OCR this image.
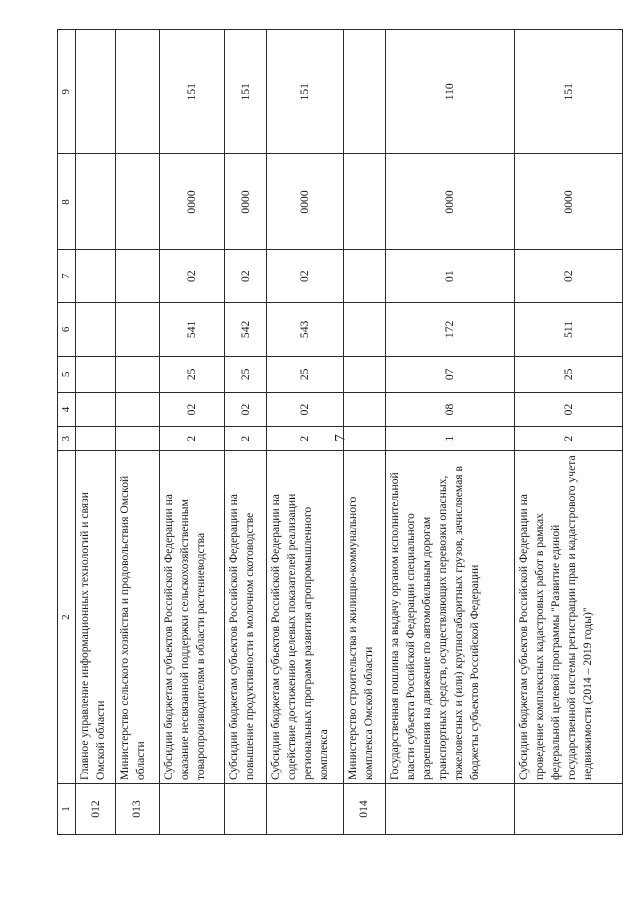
7
1	2	3	4	5	6	7	8	9
012	Главное управление информационных технологий и связи Омской области							
013	Министерство сельского хозяйства и продовольствия Омской области							
	Субсидии бюджетам субъектов Российской Федерации на оказание несвязанной поддержки сельскохозяйственным товаропроизводителям в области растениеводства	2	02	25	541	02	0000	151
	Субсидии бюджетам субъектов Российской Федерации на повышение продуктивности в молочном скотоводстве	2	02	25	542	02	0000	151
	Субсидии бюджетам субъектов Российской Федерации на содействие достижению целевых показателей реализации региональных программ развития агропромышленного комплекса	2	02	25	543	02	0000	151
014	Министерство строительства и жилищно-коммунального комплекса Омской области							
	Государственная пошлина за выдачу органом исполнительной власти субъекта Российской Федерации специального разрешения на движение по автомобильным дорогам транспортных средств, осуществляющих перевозки опасных, тяжеловесных и (или) крупногабаритных грузов, зачисляемая в бюджеты субъектов Российской Федерации	1	08	07	172	01	0000	110
	Субсидии бюджетам субъектов Российской Федерации на проведение комплексных кадастровых работ в рамках федеральной целевой программы "Развитие единой государственной системы регистрации прав и кадастрового учета недвижимости (2014 – 2019 годы)"	2	02	25	511	02	0000	151
